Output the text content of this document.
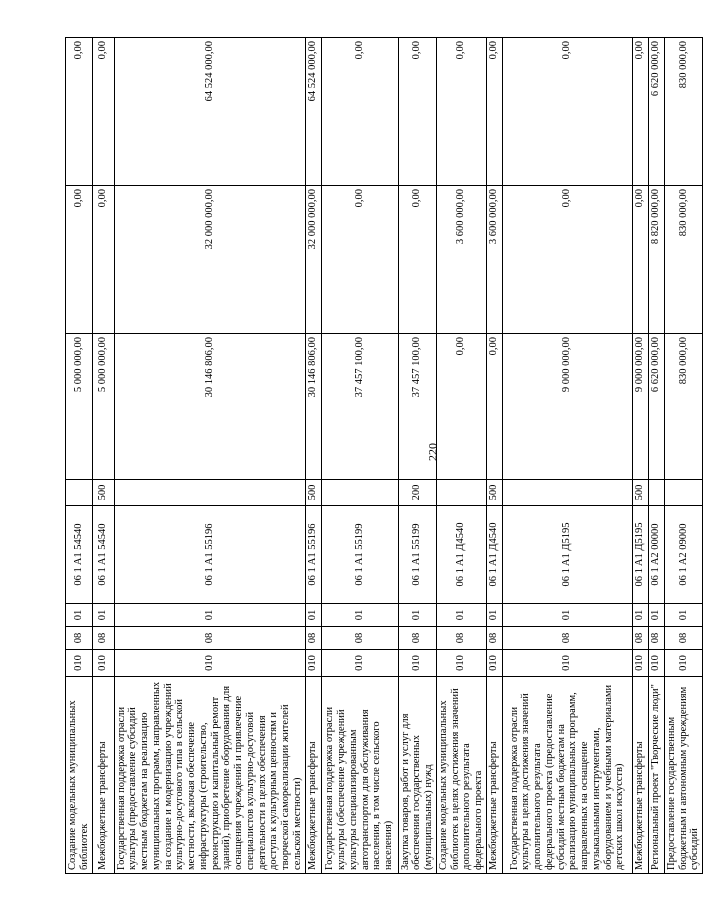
220
Создание модельных муниципальных библиотек	010	08	01	06 1 A1 54540		5 000 000,00	0,00	0,00
Межбюджетные трансферты	010	08	01	06 1 A1 54540	500	5 000 000,00	0,00	0,00
Государственная поддержка отрасли культуры (предоставление субсидий местным бюджетам на реализацию муниципальных программ, направленных на создание и модернизацию учреждений культурно-досугового типа в сельской местности, включая обеспечение инфраструктуры (строительство, реконструкцию и капитальный ремонт зданий), приобретение оборудования для оснащения учреждений и привлечение специалистов культурно-досуговой деятельности в целях обеспечения доступа к культурным ценностям и творческой самореализации жителей сельской местности)	010	08	01	06 1 A1 55196		30 146 806,00	32 000 000,00	64 524 000,00
Межбюджетные трансферты	010	08	01	06 1 A1 55196	500	30 146 806,00	32 000 000,00	64 524 000,00
Государственная поддержка отрасли культуры (обеспечение учреждений культуры специализированным автотранспортом для обслуживания населения, в том числе сельского населения)	010	08	01	06 1 A1 55199		37 457 100,00	0,00	0,00
Закупка товаров, работ и услуг для обеспечения государственных (муниципальных) нужд	010	08	01	06 1 A1 55199	200	37 457 100,00	0,00	0,00
Создание модельных муниципальных библиотек в целях достижения значений дополнительного результата федерального проекта	010	08	01	06 1 A1 Д4540		0,00	3 600 000,00	0,00
Межбюджетные трансферты	010	08	01	06 1 A1 Д4540	500	0,00	3 600 000,00	0,00
Государственная поддержка отрасли культуры в целях достижения значений дополнительного результата федерального проекта (предоставление субсидий местным бюджетам на реализацию муниципальных программ, направленных на оснащение музыкальными инструментами, оборудованием и учебными материалами детских школ искусств)	010	08	01	06 1 A1 Д5195		9 000 000,00	0,00	0,00
Межбюджетные трансферты	010	08	01	06 1 A1 Д5195	500	9 000 000,00	0,00	0,00
Региональный проект "Творческие люди"	010	08	01	06 1 A2 00000		6 620 000,00	8 820 000,00	6 620 000,00
Предоставление государственным бюджетным и автономным учреждениям субсидий	010	08	01	06 1 A2 09000		830 000,00	830 000,00	830 000,00
